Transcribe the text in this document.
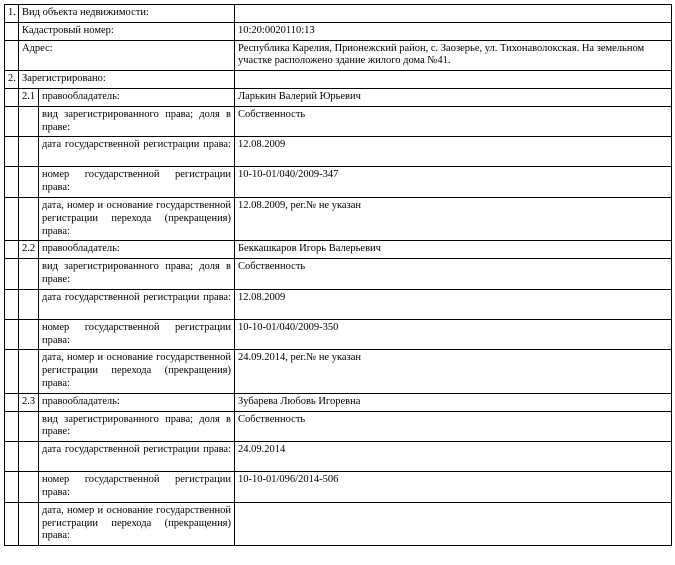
1.	Вид объекта недвижимости:		
	Кадастровый номер:		10:20:0020110:13
	Адрес:		Республика Карелия, Прионежский район, с. Заозерье, ул. Тихонаволокская. На земельном участке расположено здание жилого дома №41.
2.	Зарегистрировано:		
	2.1	правообладатель:	Ларькин Валерий Юрьевич
		вид зарегистрированного права; доля в праве:	Собственность
		дата государственной регистрации права:	12.08.2009
		номер государственной регистрации права:	10-10-01/040/2009-347
		дата, номер и основание государственной регистрации перехода (прекращения) права:	12.08.2009, рег.№ не указан
	2.2	правообладатель:	Беккашкаров Игорь Валерьевич
		вид зарегистрированного права; доля в праве:	Собственность
		дата государственной регистрации права:	12.08.2009
		номер государственной регистрации права:	10-10-01/040/2009-350
		дата, номер и основание государственной регистрации перехода (прекращения) права:	24.09.2014, рег.№ не указан
	2.3	правообладатель:	Зубарева Любовь Игоревна
		вид зарегистрированного права; доля в праве:	Собственность
		дата государственной регистрации права:	24.09.2014
		номер государственной регистрации права:	10-10-01/096/2014-506
		дата, номер и основание государственной регистрации перехода (прекращения) права:	
